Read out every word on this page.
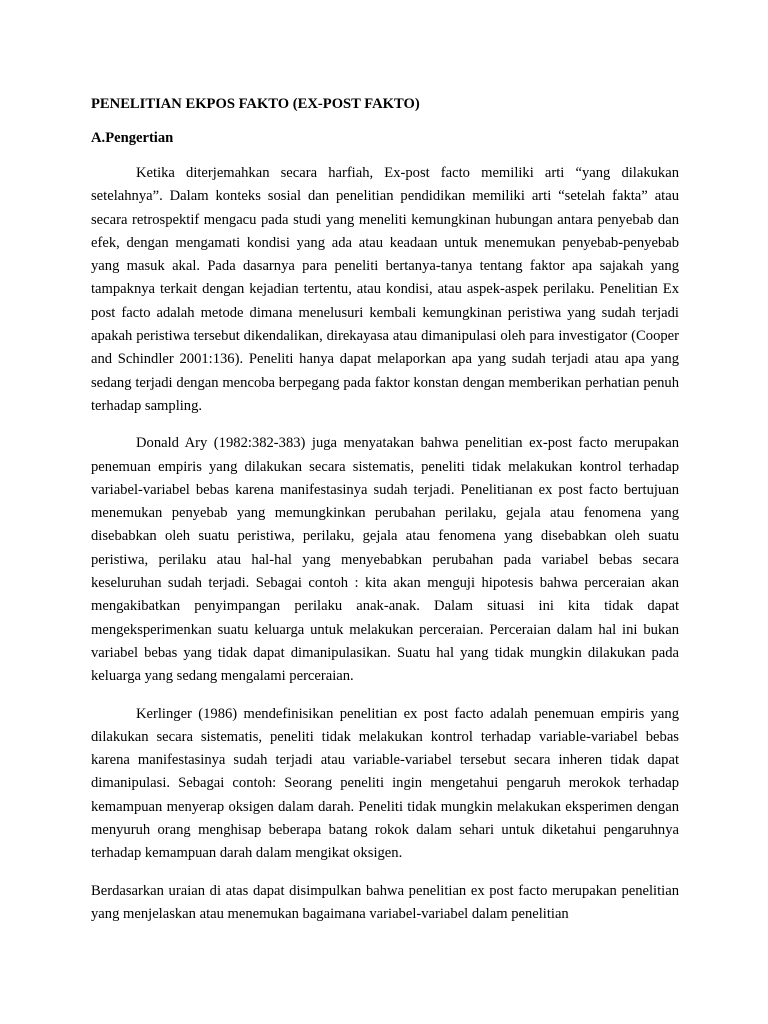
PENELITIAN EKPOS FAKTO (EX-POST FAKTO)
A.Pengertian

Ketika diterjemahkan secara harfiah, Ex-post facto memiliki arti “yang dilakukan setelahnya”. Dalam konteks sosial dan penelitian pendidikan memiliki arti “setelah fakta” atau secara retrospektif mengacu pada studi yang meneliti kemungkinan hubungan antara penyebab dan efek, dengan mengamati kondisi yang ada atau keadaan untuk menemukan penyebab-penyebab yang masuk akal. Pada dasarnya para peneliti bertanya-tanya tentang faktor apa sajakah yang tampaknya terkait dengan kejadian tertentu, atau kondisi, atau aspek-aspek perilaku. Penelitian Ex post facto adalah metode dimana menelusuri kembali kemungkinan peristiwa yang sudah terjadi apakah peristiwa tersebut dikendalikan, direkayasa atau dimanipulasi oleh para investigator (Cooper and Schindler 2001:136). Peneliti hanya dapat melaporkan apa yang sudah terjadi atau apa yang sedang terjadi dengan mencoba berpegang pada faktor konstan dengan memberikan perhatian penuh terhadap sampling.

Donald Ary (1982:382-383) juga menyatakan bahwa penelitian ex-post facto merupakan penemuan empiris yang dilakukan secara sistematis, peneliti tidak melakukan kontrol terhadap variabel-variabel bebas karena manifestasinya sudah terjadi. Penelitianan ex post facto bertujuan menemukan penyebab yang memungkinkan perubahan perilaku, gejala atau fenomena yang disebabkan oleh suatu peristiwa, perilaku, gejala atau fenomena yang disebabkan oleh suatu peristiwa, perilaku atau hal-hal yang menyebabkan perubahan pada variabel bebas secara keseluruhan sudah terjadi. Sebagai contoh : kita akan menguji hipotesis bahwa perceraian akan mengakibatkan penyimpangan perilaku anak-anak. Dalam situasi ini kita tidak dapat mengeksperimenkan suatu keluarga untuk melakukan perceraian. Perceraian dalam hal ini bukan variabel bebas yang tidak dapat dimanipulasikan. Suatu hal yang tidak mungkin dilakukan pada keluarga yang sedang mengalami perceraian.

Kerlinger (1986) mendefinisikan penelitian ex post facto adalah penemuan empiris yang dilakukan secara sistematis, peneliti tidak melakukan kontrol terhadap variable-variabel bebas karena manifestasinya sudah terjadi atau variable-variabel tersebut secara inheren tidak dapat dimanipulasi. Sebagai contoh: Seorang peneliti ingin mengetahui pengaruh merokok terhadap kemampuan menyerap oksigen dalam darah. Peneliti tidak mungkin melakukan eksperimen dengan menyuruh orang menghisap beberapa batang rokok dalam sehari untuk diketahui pengaruhnya terhadap kemampuan darah dalam mengikat oksigen.

Berdasarkan uraian di atas dapat disimpulkan bahwa penelitian ex post facto merupakan penelitian yang menjelaskan atau menemukan bagaimana variabel-variabel dalam penelitian
